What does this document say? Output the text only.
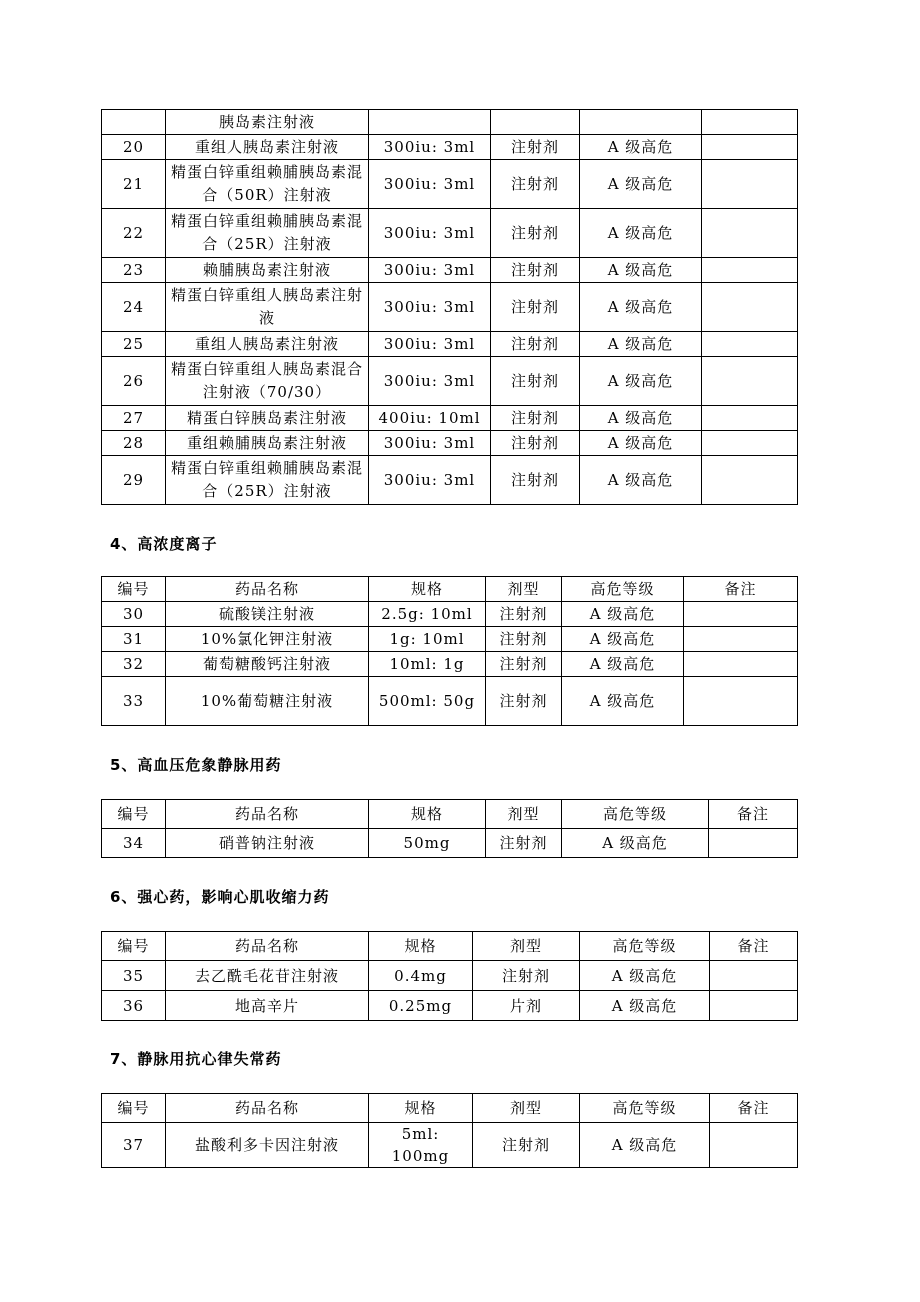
	胰岛素注射液				
20	重组人胰岛素注射液	300iu: 3ml	注射剂	A 级高危	
21	精蛋白锌重组赖脯胰岛素混合（50R）注射液	300iu: 3ml	注射剂	A 级高危	
22	精蛋白锌重组赖脯胰岛素混合（25R）注射液	300iu: 3ml	注射剂	A 级高危	
23	赖脯胰岛素注射液	300iu: 3ml	注射剂	A 级高危	
24	精蛋白锌重组人胰岛素注射液	300iu: 3ml	注射剂	A 级高危	
25	重组人胰岛素注射液	300iu: 3ml	注射剂	A 级高危	
26	精蛋白锌重组人胰岛素混合注射液（70/30）	300iu: 3ml	注射剂	A 级高危	
27	精蛋白锌胰岛素注射液	400iu: 10ml	注射剂	A 级高危	
28	重组赖脯胰岛素注射液	300iu: 3ml	注射剂	A 级高危	
29	精蛋白锌重组赖脯胰岛素混合（25R）注射液	300iu: 3ml	注射剂	A 级高危	

4、高浓度离子

编号	药品名称	规格	剂型	高危等级	备注
30	硫酸镁注射液	2.5g: 10ml	注射剂	A 级高危	
31	10%氯化钾注射液	1g: 10ml	注射剂	A 级高危	
32	葡萄糖酸钙注射液	10ml: 1g	注射剂	A 级高危	
33	10%葡萄糖注射液	500ml: 50g	注射剂	A 级高危	

5、高血压危象静脉用药

编号	药品名称	规格	剂型	高危等级	备注
34	硝普钠注射液	50mg	注射剂	A 级高危	

6、强心药，影响心肌收缩力药

编号	药品名称	规格	剂型	高危等级	备注
35	去乙酰毛花苷注射液	0.4mg	注射剂	A 级高危	
36	地高辛片	0.25mg	片剂	A 级高危	

7、静脉用抗心律失常药

编号	药品名称	规格	剂型	高危等级	备注
37	盐酸利多卡因注射液	5ml: 100mg	注射剂	A 级高危	
